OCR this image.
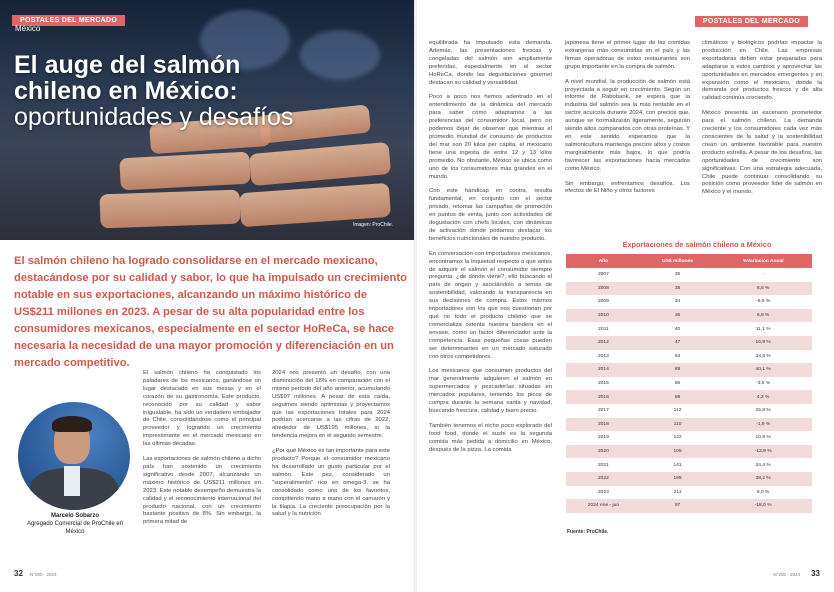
POSTALES DEL MERCADO
México
El auge del salmón chileno en México:
oportunidades y desafíos
Imagen: ProChile.
El salmón chileno ha logrado consolidarse en el mercado mexicano, destacándose por su calidad y sabor, lo que ha impulsado un crecimiento notable en sus exportaciones, alcanzando un máximo histórico de US$211 millones en 2023. A pesar de su alta popularidad entre los consumidores mexicanos, especialmente en el sector HoReCa, se hace necesaria la necesidad de una mayor promoción y diferenciación en un mercado competitivo.
Marcelo Sobarzo
Agregado Comercial de ProChile en México

El salmón chileno ha conquistado los paladares de los mexicanos, ganándose un lugar destacado en sus mesas y en el corazón de su gastronomía. Este producto, reconocido por su calidad y sabor inigualable, ha sido un verdadero embajador de Chile, consolidándose como el principal proveedor y logrando un crecimiento impresionante en el mercado mexicano en las últimas décadas.

Las exportaciones de salmón chileno a dicho país han sostenido un crecimiento significativo desde 2007, alcanzando un máximo histórico de US$211 millones en 2023. Este notable desempeño demuestra la calidad y el reconocimiento internacional del producto nacional, con un crecimiento bastante positivo de 8%. Sin embargo, la primera mitad de

2024 nos presentó un desafío, con una disminución del 18% en comparación con el mismo período del año anterior, acumulando US$97 millones. A pesar de esta caída, seguimos siendo optimistas y proyectamos que las exportaciones totales para 2024 podrían acercarse a las cifras de 2022, alrededor de US$195 millones, si la tendencia mejora en el segundo semestre.

¿Por qué México es tan importante para este producto? Porque el consumidor mexicano ha desarrollado un gusto particular por el salmón. Este pez, considerado un "superalimento" rico en omega-3, se ha consolidado como uno de los favoritos, compitiendo mano a mano con el camarón y la tilapia. La creciente preocupación por la salud y la nutrición

32 N°200 · 2024
POSTALES DEL MERCADO

equilibrada ha impulsado esta demanda. Además, las presentaciones frescas y congeladas del salmón son ampliamente preferidas, especialmente en el sector HoReCa, donde las degustaciones gourmet destacan su calidad y versatilidad.

Poco a poco nos hemos adentrado en el entendimiento de la dinámica del mercado para saber cómo adaptarnos a las preferencias del consumidor local, pero no podemos dejar de observar que mientras el promedio mundial de consumo de productos del mar son 20 kilos per cápita, el mexicano tiene una ingesta de entre 12 y 13 kilos promedio. No obstante, México se ubica como uno de los consumidores más grandes en el mundo.

Con este hándicap en contra, resulta fundamental, en conjunto con el sector privado, retomar las campañas de promoción en puntos de venta, junto con actividades de degustación con chefs locales, con dinámicas de activación donde podamos destacar los beneficios nutricionales de nuestro producto.

En conversación con importadores mexicanos, encontramos la inquietud respecto a que antes de adquirir el salmón el consumidor siempre pregunta: ¿de dónde viene?, ello buscando el país de origen y asociándolo a temas de sostenibilidad, valorando la transparencia en sus decisiones de compra. Estos mismos importadores son los que nos cuestionan por qué no todo el producto chileno que se comercializa ostenta nuestra bandera en el envase, como un factor diferenciador ante la competencia. Esas pequeñas cosas pueden ser determinantes en un mercado saturado con otros competidores.

Los mexicanos que consumen productos del mar generalmente adquieren el salmón en supermercados y pescaderías situadas en mercados populares, teniendo los picos de compra durante la semana santa y navidad, buscando frescura, calidad y buen precio.

También tenemos el nicho poco explorado del food food, donde el sushi es la segunda comida más pedida a domicilio en México, después de la pizza. La comida

japonesa tiene el primer lugar de las comidas extranjeras más consumidas en el país y las firmas operadoras de estos restaurantes son grupo importante en la compra de salmón.

A nivel mundial, la producción de salmón está proyectada a seguir en crecimiento. Según un informe de Rabobank, se espera que la industria del salmón sea la más rentable en el sector acuícola durante 2024, con precios que, aunque se normalizarán ligeramente, seguirán siendo altos comparados con otras proteínas. Y en este sentido esperamos que la salmonicultura mantenga precios altos y costos marginalmente más bajos, lo que podría favorecer las exportaciones hacia mercados como México.

Sin embargo, enfrentamos desafíos. Los efectos de El Niño y otros factores

climáticos y biológicos podrían impactar la producción en Chile. Las empresas exportadoras deben estar preparadas para adaptarse a estos cambios y aprovechar las oportunidades en mercados emergentes y en expansión como el mexicano, donde la demanda por productos frescos y de alta calidad continúa creciendo.

México presenta un escenario prometedor para el salmón chileno. La demanda creciente y los consumidores cada vez más conscientes de la salud y la sostenibilidad crean un ambiente favorable para nuestro producto estrella. A pesar de los desafíos, las oportunidades de crecimiento son significativas. Con una estrategia adecuada, Chile puede continuar consolidando su posición como proveedor líder de salmón en México y el mundo.

Exportaciones de salmón chileno a México
Año	US$ millones	%Variación Anual
2007	35	-
2008	38	8,8 %
2009	34	-9,9 %
2010	36	6,6 %
2011	40	11,1 %
2012	47	16,9 %
2013	63	34,5 %
2014	89	40,1 %
2015	86	-3,5 %
2016	89	4,2 %
2017	112	25,8 %
2018	110	-1,9 %
2019	122	10,9 %
2020	105	-13,9 %
2021	141	34,4 %
2022	195	38,2 %
2023	211	8,0 %
2024 ene - jun	97	-18,0 %
Fuente: ProChile.
N°200 · 2024 33
